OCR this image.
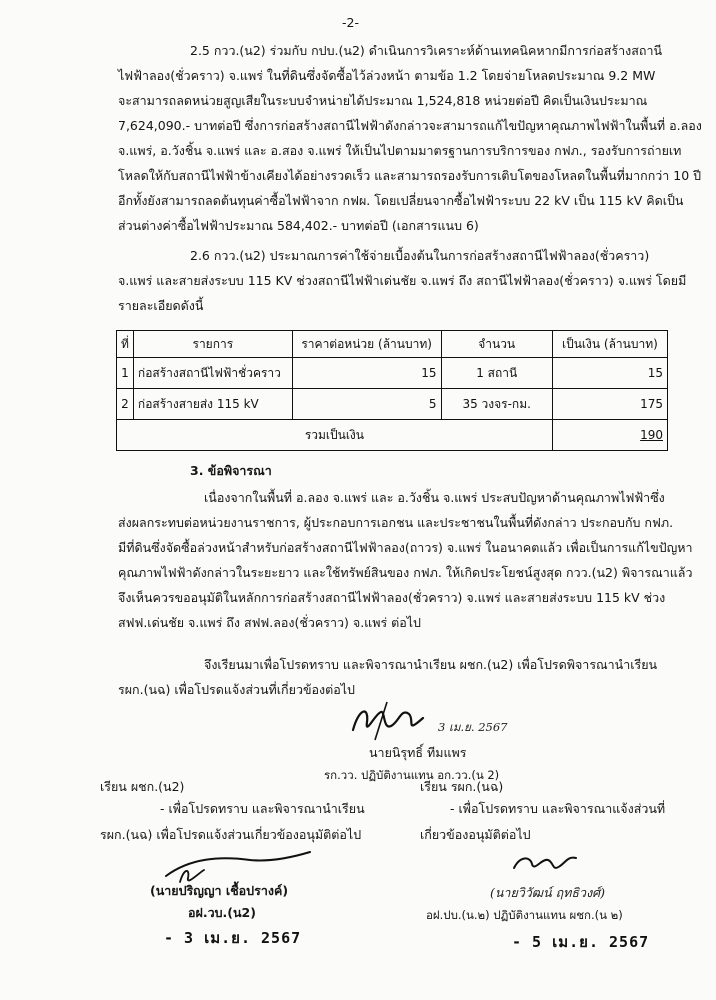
-2-
2.5 กวว.(น2) ร่วมกับ กปบ.(น2) ดำเนินการวิเคราะห์ด้านเทคนิคหากมีการก่อสร้างสถานี
ไฟฟ้าลอง(ชั่วคราว) จ.แพร่ ในที่ดินซึ่งจัดซื้อไว้ล่วงหน้า ตามข้อ 1.2 โดยจ่ายโหลดประมาณ 9.2 MW
จะสามารถลดหน่วยสูญเสียในระบบจำหน่ายได้ประมาณ 1,524,818 หน่วยต่อปี คิดเป็นเงินประมาณ
7,624,090.- บาทต่อปี ซึ่งการก่อสร้างสถานีไฟฟ้าดังกล่าวจะสามารถแก้ไขปัญหาคุณภาพไฟฟ้าในพื้นที่ อ.ลอง
จ.แพร่, อ.วังชิ้น จ.แพร่ และ อ.สอง จ.แพร่ ให้เป็นไปตามมาตรฐานการบริการของ กฟภ., รองรับการถ่ายเท
โหลดให้กับสถานีไฟฟ้าข้างเคียงได้อย่างรวดเร็ว และสามารถรองรับการเติบโตของโหลดในพื้นที่มากกว่า 10 ปี
อีกทั้งยังสามารถลดต้นทุนค่าซื้อไฟฟ้าจาก กฟผ. โดยเปลี่ยนจากซื้อไฟฟ้าระบบ 22 kV เป็น 115 kV คิดเป็น
ส่วนต่างค่าซื้อไฟฟ้าประมาณ 584,402.- บาทต่อปี (เอกสารแนบ 6)
2.6 กวว.(น2) ประมาณการค่าใช้จ่ายเบื้องต้นในการก่อสร้างสถานีไฟฟ้าลอง(ชั่วคราว)
จ.แพร่ และสายส่งระบบ 115 KV ช่วงสถานีไฟฟ้าเด่นชัย จ.แพร่ ถึง สถานีไฟฟ้าลอง(ชั่วคราว) จ.แพร่ โดยมี
รายละเอียดดังนี้
ที่	รายการ	ราคาต่อหน่วย (ล้านบาท)	จำนวน	เป็นเงิน (ล้านบาท)
1	ก่อสร้างสถานีไฟฟ้าชั่วคราว	15	1 สถานี	15
2	ก่อสร้างสายส่ง 115 kV	5	35 วงจร-กม.	175
รวมเป็นเงิน				190
3. ข้อพิจารณา
เนื่องจากในพื้นที่ อ.ลอง จ.แพร่ และ อ.วังชิ้น จ.แพร่ ประสบปัญหาด้านคุณภาพไฟฟ้าซึ่ง
ส่งผลกระทบต่อหน่วยงานราชการ, ผู้ประกอบการเอกชน และประชาชนในพื้นที่ดังกล่าว ประกอบกับ กฟภ.
มีที่ดินซึ่งจัดซื้อล่วงหน้าสำหรับก่อสร้างสถานีไฟฟ้าลอง(ถาวร) จ.แพร่ ในอนาคตแล้ว เพื่อเป็นการแก้ไขปัญหา
คุณภาพไฟฟ้าดังกล่าวในระยะยาว และใช้ทรัพย์สินของ กฟภ. ให้เกิดประโยชน์สูงสุด กวว.(น2) พิจารณาแล้ว
จึงเห็นควรขออนุมัติในหลักการก่อสร้างสถานีไฟฟ้าลอง(ชั่วคราว) จ.แพร่ และสายส่งระบบ 115 kV ช่วง
สฟฟ.เด่นชัย จ.แพร่ ถึง สฟฟ.ลอง(ชั่วคราว) จ.แพร่ ต่อไป
จึงเรียนมาเพื่อโปรดทราบ และพิจารณานำเรียน ผชก.(น2) เพื่อโปรดพิจารณานำเรียน
รผก.(นฉ) เพื่อโปรดแจ้งส่วนที่เกี่ยวข้องต่อไป
3 เม.ย. 2567
นายนิรุทธิ์ ทีมแพร
รก.วว. ปฏิบัติงานแทน อก.วว.(น 2)
เรียน ผชก.(น2)
- เพื่อโปรดทราบ และพิจารณานำเรียน
รผก.(นฉ) เพื่อโปรดแจ้งส่วนเกี่ยวข้องอนุมัติต่อไป
(นายปริญญา เชื้อปรางค์)
อฝ.วบ.(น2)
- 3 เม.ย. 2567
เรียน รผก.(นฉ)
- เพื่อโปรดทราบ และพิจารณาแจ้งส่วนที่
เกี่ยวข้องอนุมัติต่อไป
(นายวิวัฒน์ ฤทธิวงศ์)
อฝ.ปบ.(น.๒) ปฏิบัติงานแทน ผชก.(น ๒)
- 5 เม.ย. 2567
